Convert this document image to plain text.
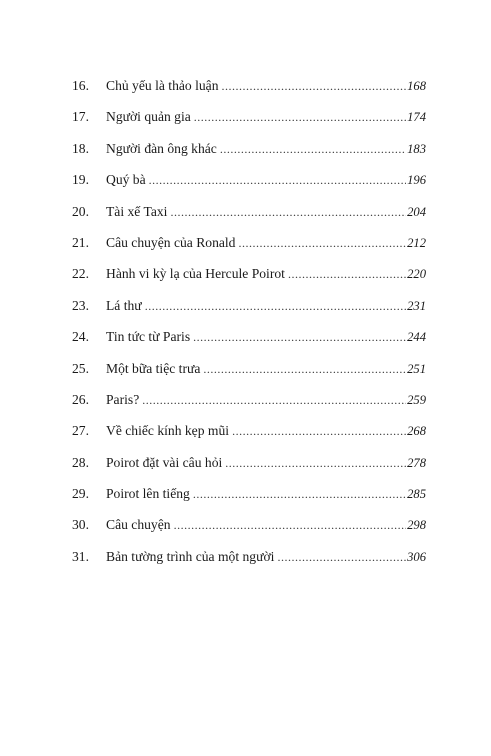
16.	Chủ yếu là thảo luận .....	168
17.	Người quản gia .....	174
18.	Người đàn ông khác .....	183
19.	Quý bà .....	196
20.	Tài xế Taxi .....	204
21.	Câu chuyện của Ronald .....	212
22.	Hành vi kỳ lạ của Hercule Poirot .....	220
23.	Lá thư .....	231
24.	Tin tức từ Paris .....	244
25.	Một bữa tiệc trưa .....	251
26.	Paris? .....	259
27.	Về chiếc kính kẹp mũi .....	268
28.	Poirot đặt vài câu hỏi .....	278
29.	Poirot lên tiếng .....	285
30.	Câu chuyện .....	298
31.	Bản tường trình của một người .....	306
